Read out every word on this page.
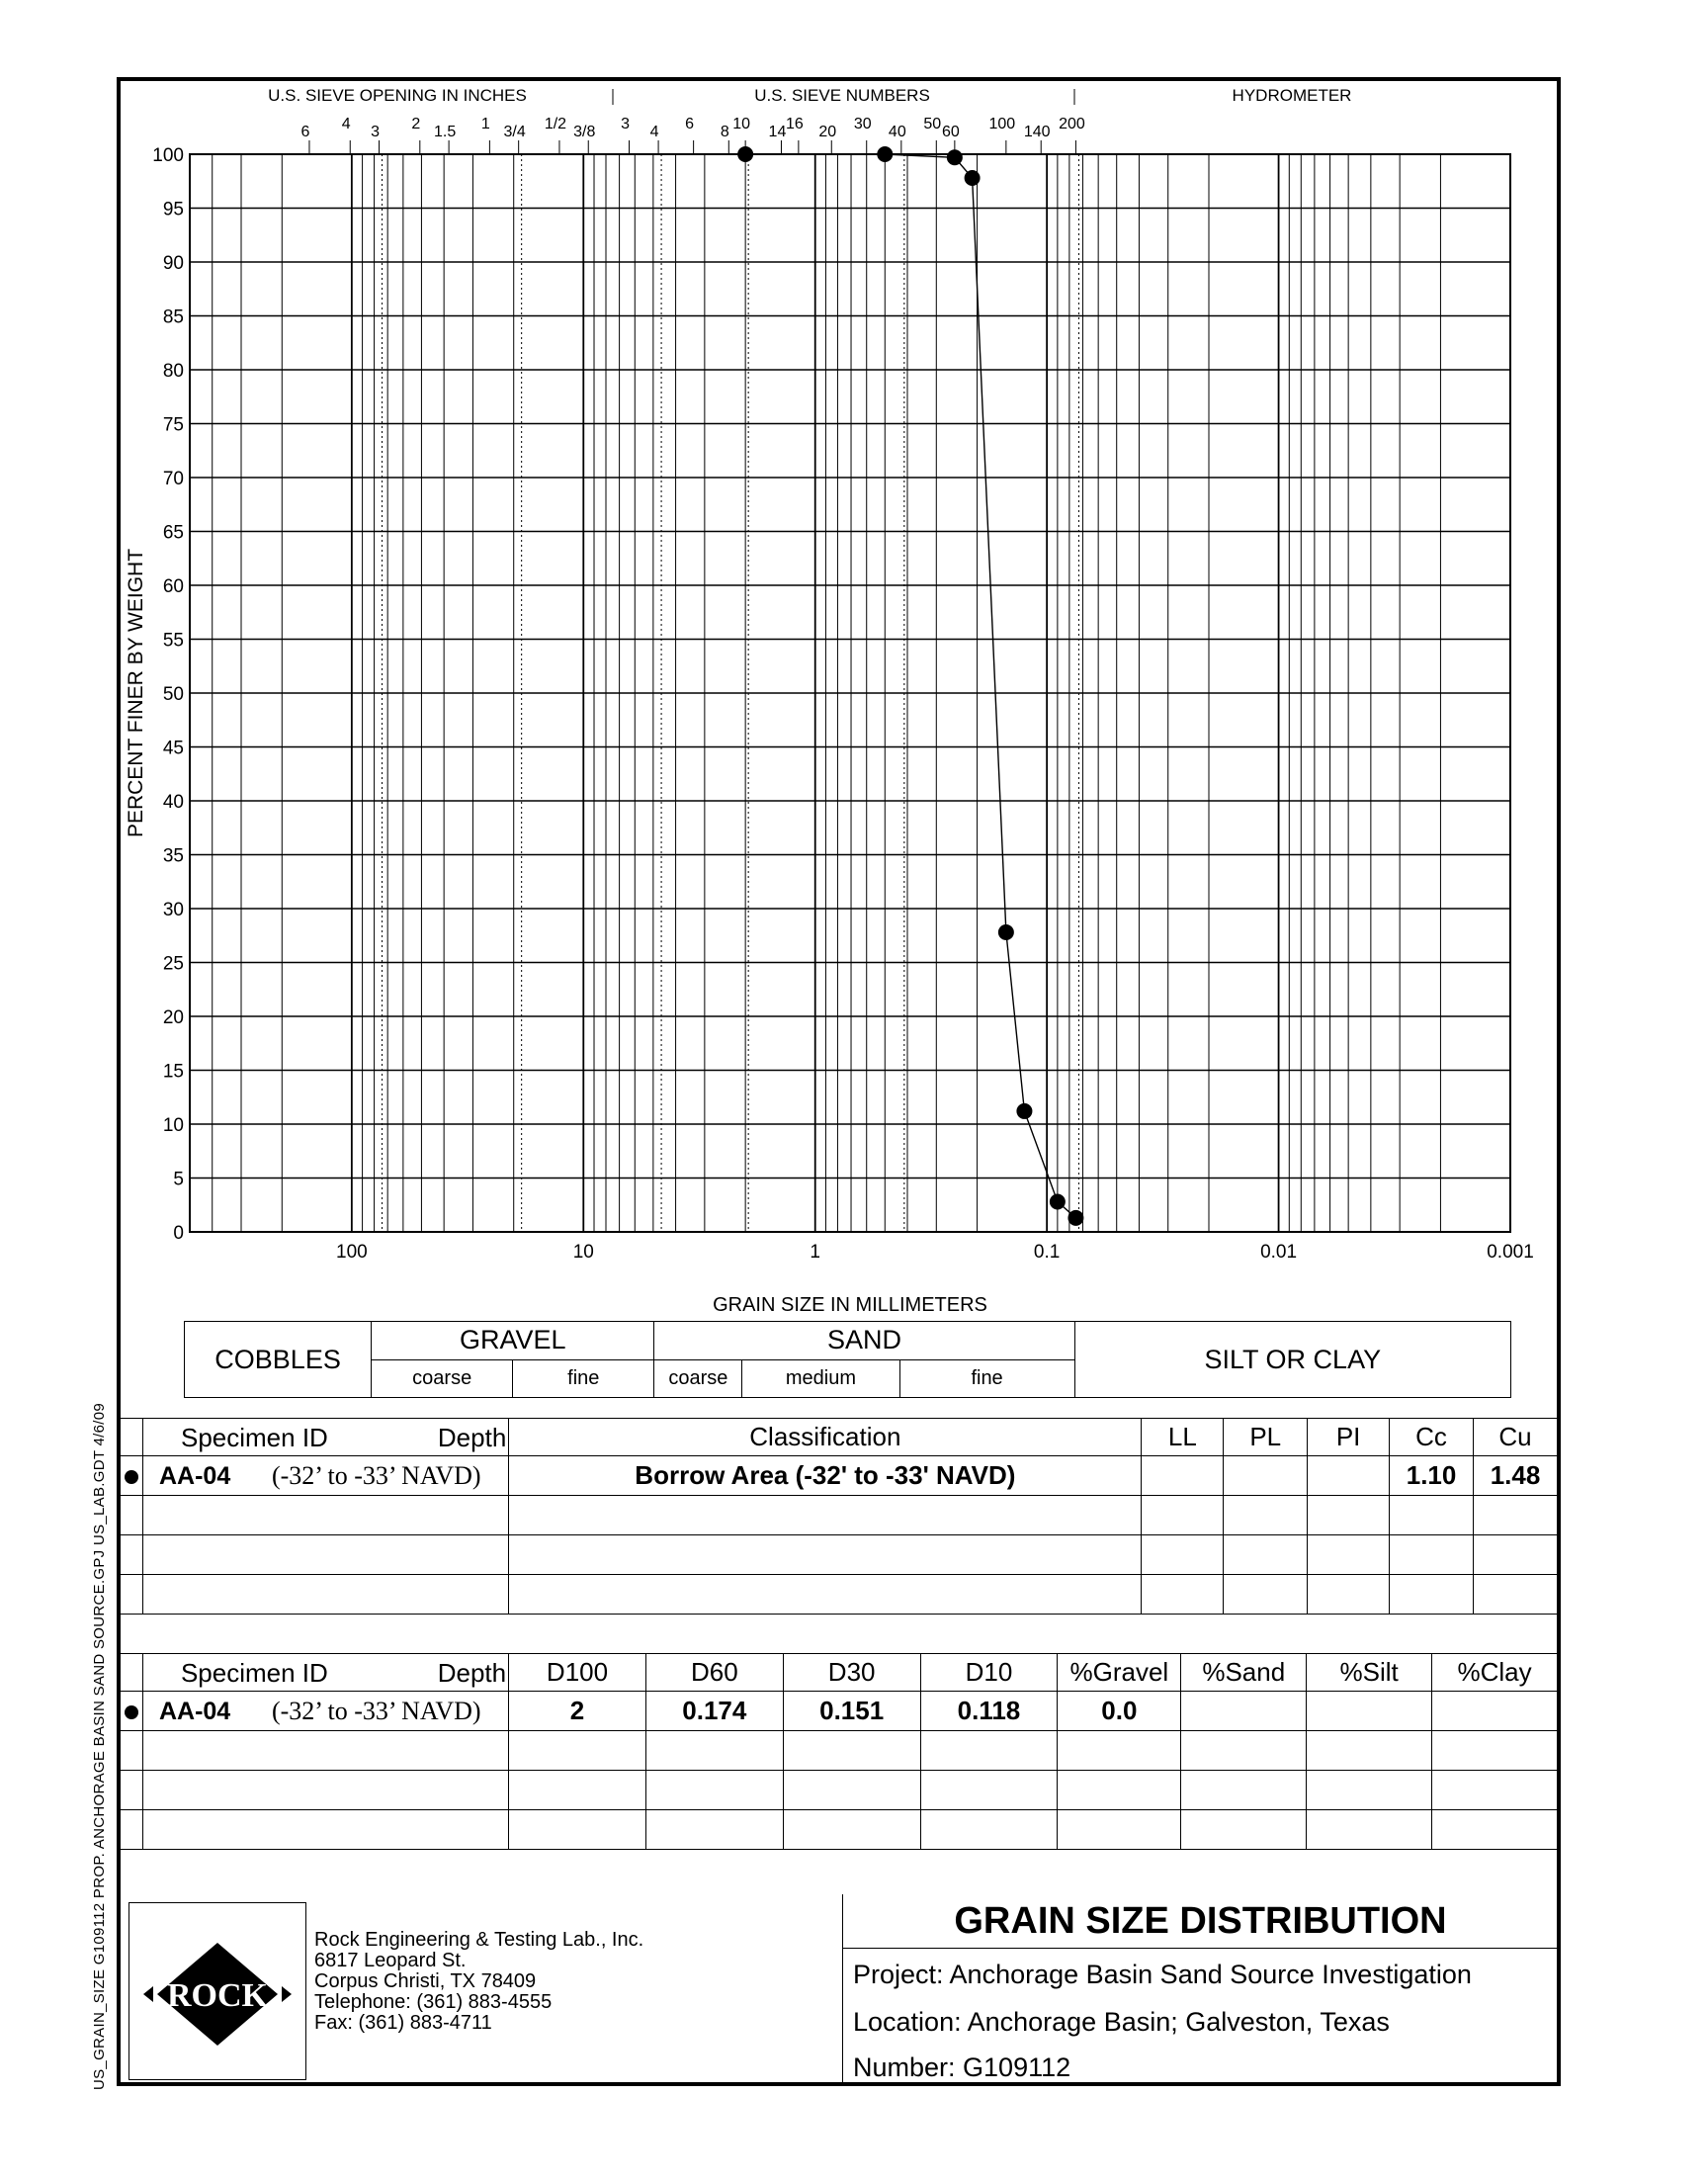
US_GRAIN_SIZE G109112 PROP. ANCHORAGE BASIN SAND SOURCE.GPJ US_LAB.GDT 4/6/09
0
5
10
15
20
25
30
35
40
45
50
55
60
65
70
75
80
85
90
95
100
100	10	1	0.1	0.01	0.001
U.S. SIEVE OPENING IN INCHES	U.S. SIEVE NUMBERS	HYDROMETER
6 4 3 2 1.5 1 3/4 1/2 3/8 3 4 6 8 10 14 16 20 30 40 50 60 100 140 200
GRAIN SIZE IN MILLIMETERS
PERCENT FINER BY WEIGHT
COBBLES	GRAVEL		SAND			SILT OR CLAY
	coarse	fine	coarse	medium	fine	

	Specimen ID Depth	Classification	LL	PL	PI	Cc	Cu

	AA-04 (-32’ to -33’ NAVD)	Borrow Area (-32' to -33' NAVD)				1.10	1.48

	Specimen ID Depth	D100	D60	D30	D10	%Gravel	%Sand	%Silt	%Clay

	AA-04 (-32’ to -33’ NAVD)	2	0.174	0.151	0.118	0.0			

ROCK
Rock Engineering & Testing Lab., Inc.
6817 Leopard St.
Corpus Christi, TX 78409
Telephone: (361) 883-4555
Fax: (361) 883-4711
GRAIN SIZE DISTRIBUTION
Project: Anchorage Basin Sand Source Investigation
Location: Anchorage Basin; Galveston, Texas
Number: G109112
